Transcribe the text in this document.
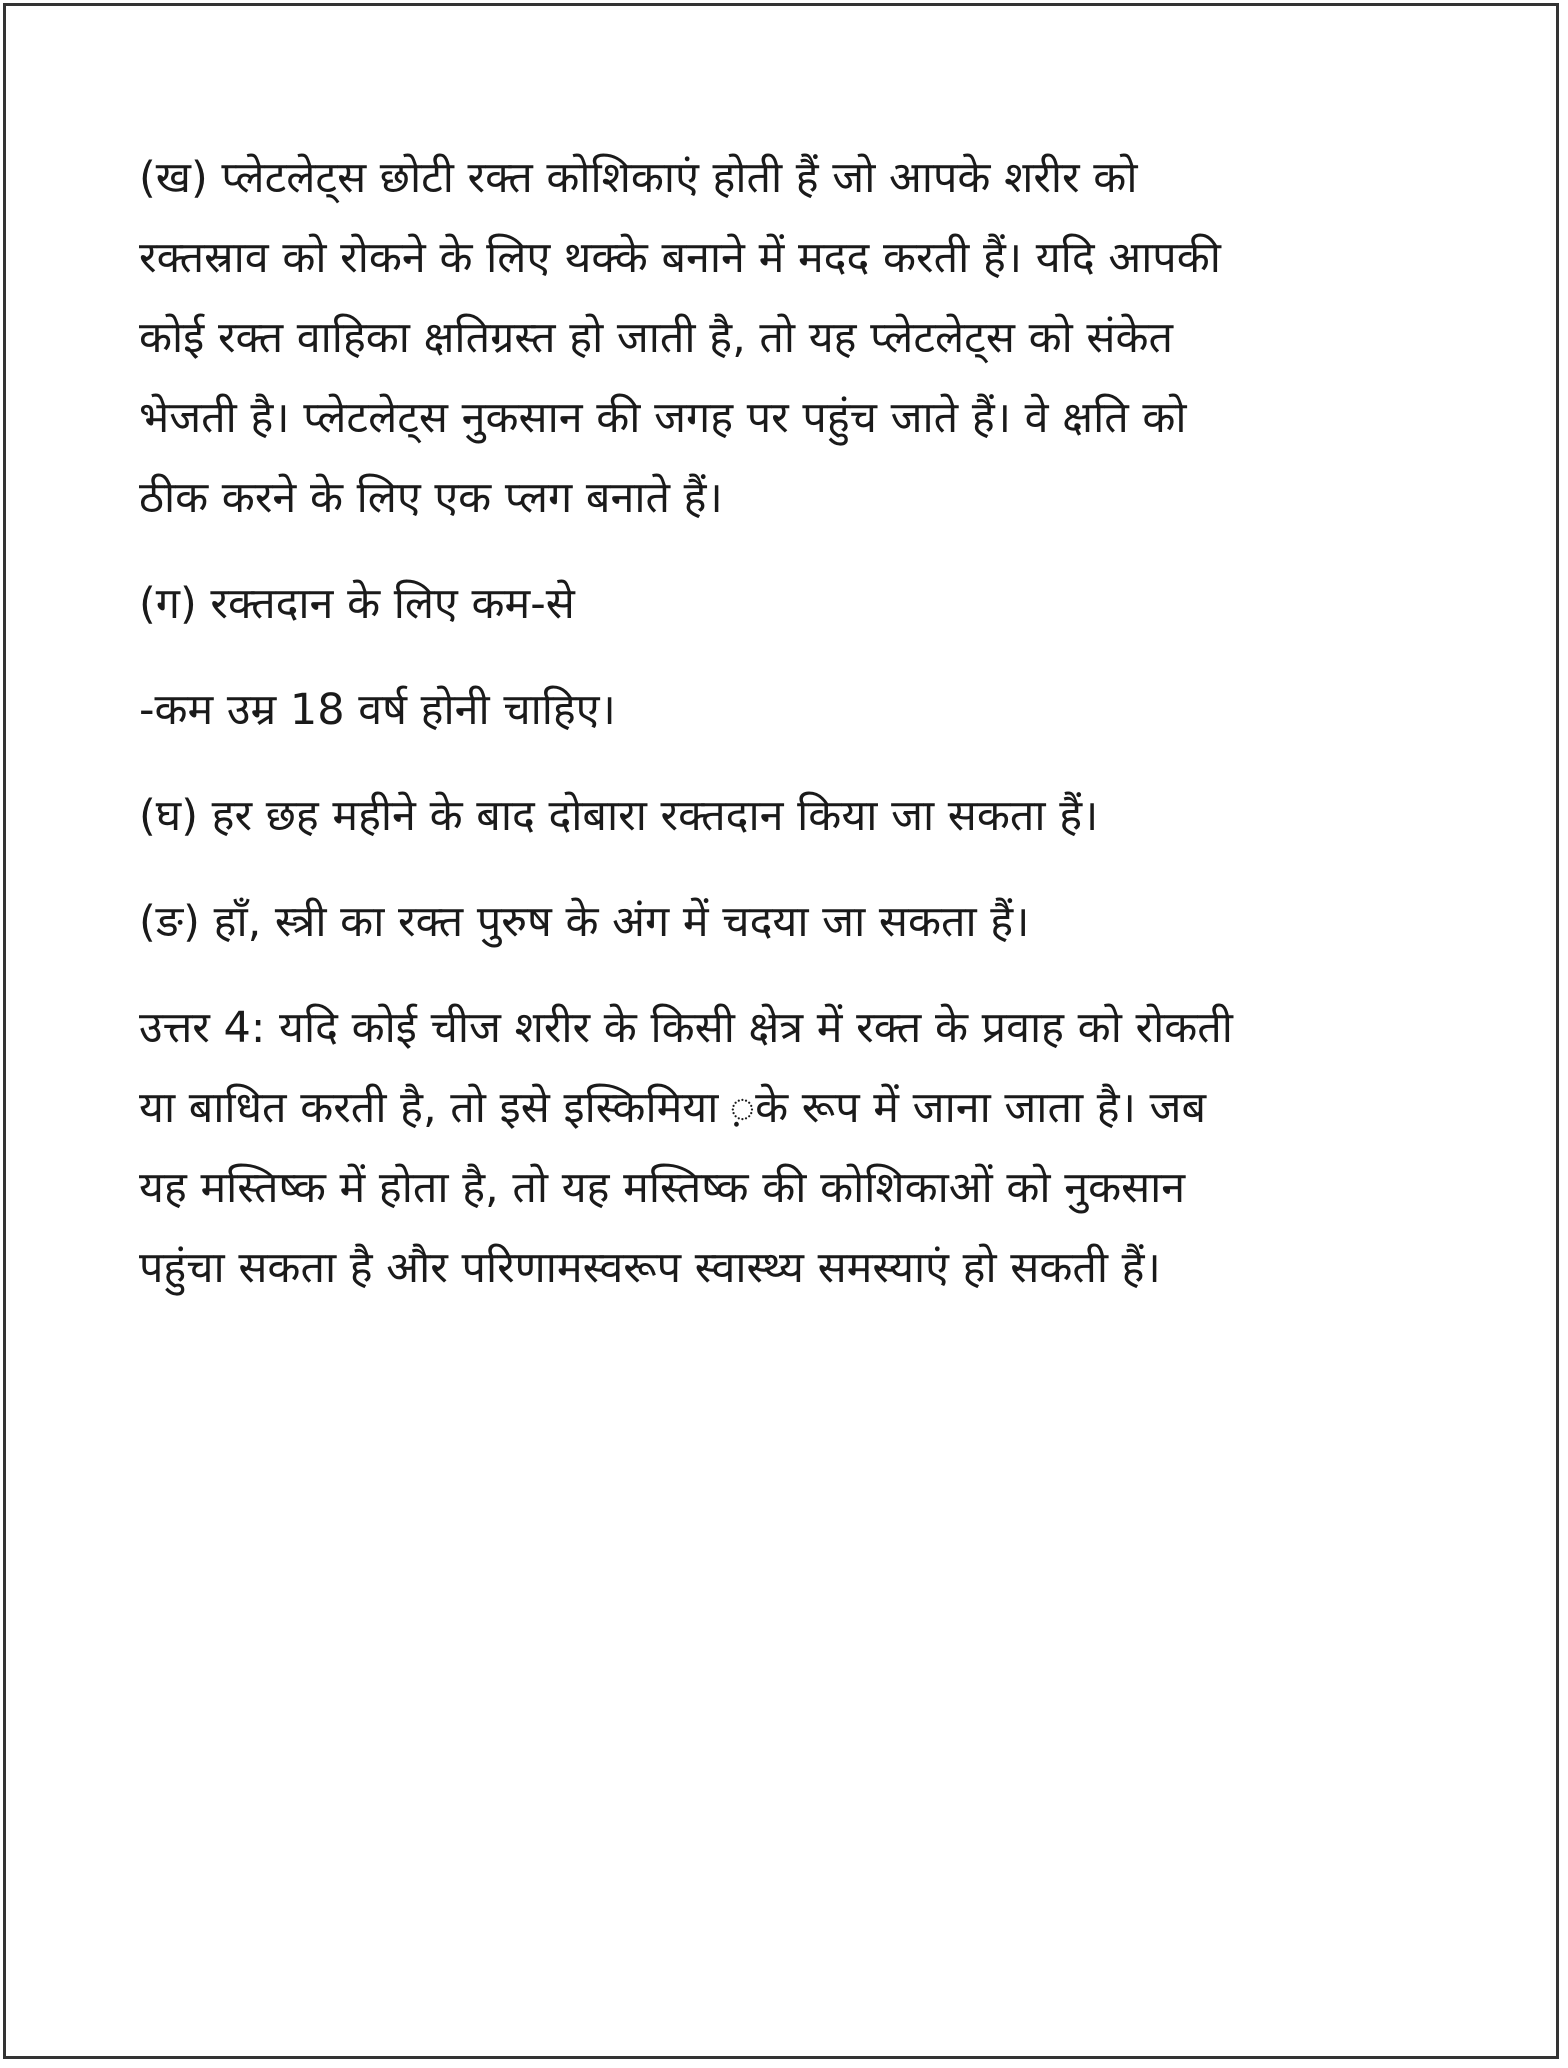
(ख) प्लेटलेट्स छोटी रक्त कोशिकाएं होती हैं जो आपके शरीर को
रक्तस्राव को रोकने के लिए थक्के बनाने में मदद करती हैं। यदि आपकी
कोई रक्त वाहिका क्षतिग्रस्त हो जाती है, तो यह प्लेटलेट्स को संकेत
भेजती है। प्लेटलेट्स नुकसान की जगह पर पहुंच जाते हैं। वे क्षति को
ठीक करने के लिए एक प्लग बनाते हैं।
(ग) रक्तदान के लिए कम-से
-कम उम्र 18 वर्ष होनी चाहिए।
(घ) हर छह महीने के बाद दोबारा रक्तदान किया जा सकता हैं।
(ङ) हाँ, स्त्री का रक्त पुरुष के अंग में चदया जा सकता हैं।
उत्तर 4: यदि कोई चीज शरीर के किसी क्षेत्र में रक्त के प्रवाह को रोकती
या बाधित करती है, तो इसे इस्किमिया ़के रूप में जाना जाता है। जब
यह मस्तिष्क में होता है, तो यह मस्तिष्क की कोशिकाओं को नुकसान
पहुंचा सकता है और परिणामस्वरूप स्वास्थ्य समस्याएं हो सकती हैं।
